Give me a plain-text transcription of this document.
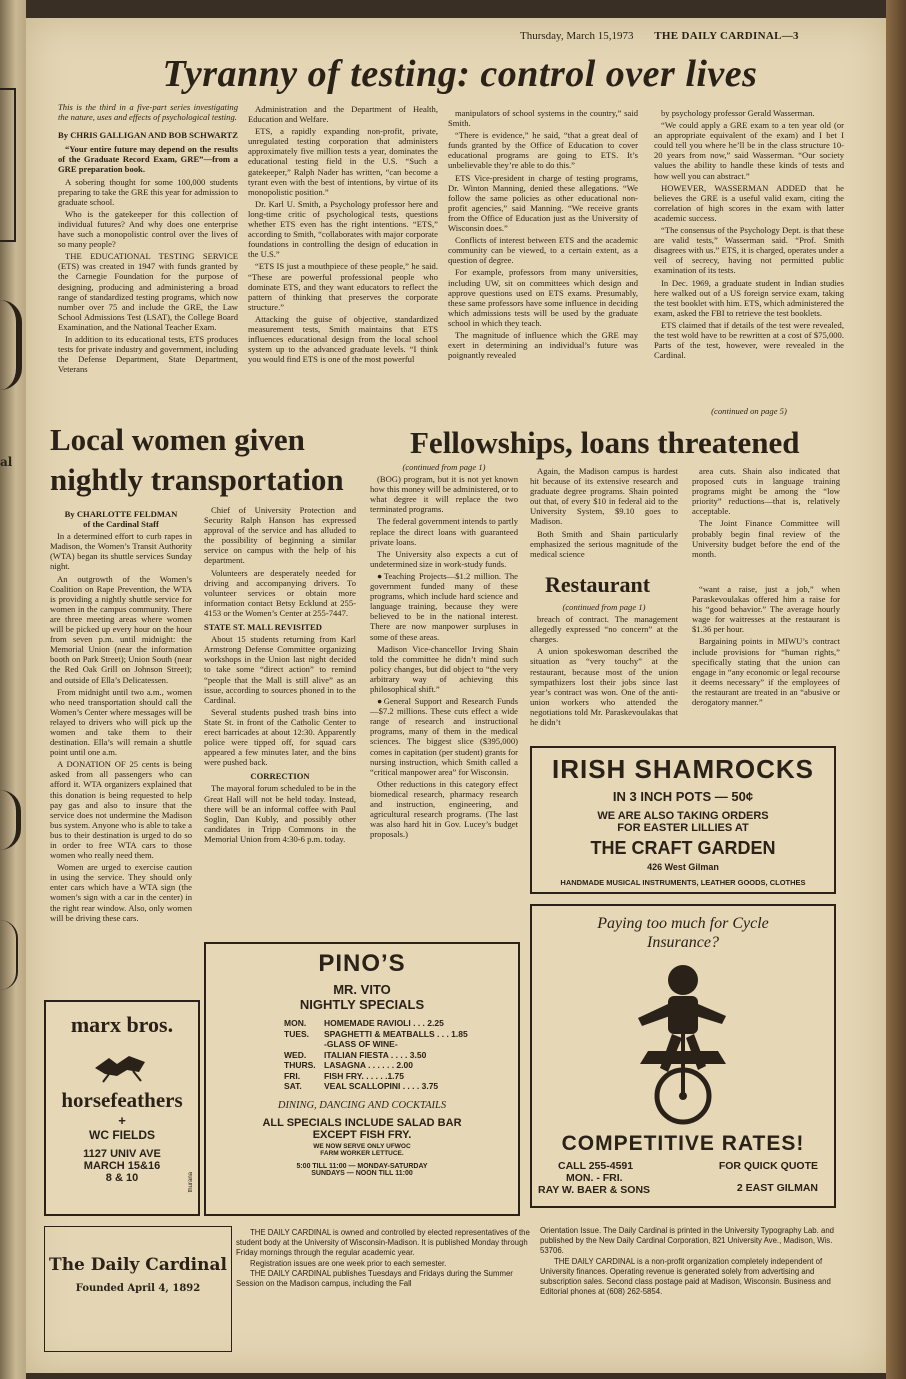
al
Thursday, March 15,1973 THE DAILY CARDINAL—3
Tyranny of testing: control over lives

This is the third in a five-part series investigating the nature, uses and effects of psychological testing.

By CHRIS GALLIGAN AND BOB SCHWARTZ

“Your entire future may depend on the results of the Graduate Record Exam, GRE”—from a GRE preparation book.

A sobering thought for some 100,000 students preparing to take the GRE this year for admission to graduate school.

Who is the gatekeeper for this collection of individual futures? And why does one enterprise have such a monopolistic control over the lives of so many people?

THE EDUCATIONAL TESTING SERVICE (ETS) was created in 1947 with funds granted by the Carnegie Foundation for the purpose of designing, producing and administering a broad range of standardized testing programs, which now number over 75 and include the GRE, the Law School Admissions Test (LSAT), the College Board Examination, and the National Teacher Exam.

In addition to its educational tests, ETS produces tests for private industry and government, including the Defense Department, State Department, Veterans

Administration and the Department of Health, Education and Welfare.

ETS, a rapidly expanding non-profit, private, unregulated testing corporation that administers approximately five million tests a year, dominates the educational testing field in the U.S. “Such a gatekeeper,” Ralph Nader has written, “can become a tyrant even with the best of intentions, by virtue of its monopolistic position.”

Dr. Karl U. Smith, a Psychology professor here and long-time critic of psychological tests, questions whether ETS even has the right intentions. “ETS,” according to Smith, “collaborates with major corporate foundations in controlling the design of education in the U.S.”

“ETS IS just a mouthpiece of these people,” he said. “These are powerful professional people who dominate ETS, and they want educators to reflect the pattern of thinking that preserves the corporate structure.”

Attacking the guise of objective, standardized measurement tests, Smith maintains that ETS influences educational design from the local school system up to the advanced graduate levels. “I think you would find ETS is one of the most powerful

manipulators of school systems in the country,” said Smith.

“There is evidence,” he said, “that a great deal of funds granted by the Office of Education to cover educational programs are going to ETS. It’s unbelievable they’re able to do this.”

ETS Vice-president in charge of testing programs, Dr. Winton Manning, denied these allegations. “We follow the same policies as other educational non-profit agencies,” said Manning. “We receive grants from the Office of Education just as the University of Wisconsin does.”

Conflicts of interest between ETS and the academic community can be viewed, to a certain extent, as a question of degree.

For example, professors from many universities, including UW, sit on committees which design and approve questions used on ETS exams. Presumably, these same professors have some influence in deciding which admissions tests will be used by the graduate school in which they teach.

The magnitude of influence which the GRE may exert in determining an individual’s future was poignantly revealed

by psychology professor Gerald Wasserman.

“We could apply a GRE exam to a ten year old (or an appropriate equivalent of the exam) and I bet I could tell you where he’ll be in the class structure 10-20 years from now,” said Wasserman. “Our society values the ability to handle these kinds of tests and how well you can abstract.”

HOWEVER, WASSERMAN ADDED that he believes the GRE is a useful valid exam, citing the correlation of high scores in the exam with latter academic success.

“The consensus of the Psychology Dept. is that these are valid tests,” Wasserman said. “Prof. Smith disagrees with us.” ETS, it is charged, operates under a veil of secrecy, having not permitted public examination of its tests.

In Dec. 1969, a graduate student in Indian studies here walked out of a US foreign service exam, taking the test booklet with him. ETS, which administered the exam, asked the FBI to retrieve the test booklets.

ETS claimed that if details of the test were revealed, the test wold have to be rewritten at a cost of $75,000. Parts of the test, however, were revealed in the Cardinal.

(continued on page 5)

Local women given
nightly transportation

By CHARLOTTE FELDMAN

of the Cardinal Staff

In a determined effort to curb rapes in Madison, the Women’s Transit Authority (WTA) began its shuttle services Sunday night.

An outgrowth of the Women’s Coalition on Rape Prevention, the WTA is providing a nightly shuttle service for women in the campus community. There are three meeting areas where women will be picked up every hour on the hour from seven p.m. until midnight: the Memorial Union (near the information booth on Park Street); Union South (near the Red Oak Grill on Johnson Street); and outside of Ella’s Delicatessen.

From midnight until two a.m., women who need transportation should call the Women’s Center where messages will be relayed to drivers who will pick up the women and take them to their destination. Ella’s will remain a shuttle point until one a.m.

A DONATION OF 25 cents is being asked from all passengers who can afford it. WTA organizers explained that this donation is being requested to help pay gas and also to insure that the service does not undermine the Madison bus system. Anyone who is able to take a bus to their destination is urged to do so in order to free WTA cars to those women who really need them.

Women are urged to exercise caution in using the service. They should only enter cars which have a WTA sign (the women’s sign with a car in the center) in the right rear window. Also, only women will be driving these cars.

Chief of University Protection and Security Ralph Hanson has expressed approval of the service and has alluded to the possibility of beginning a similar service on campus with the help of his department.

Volunteers are desperately needed for driving and accompanying drivers. To volunteer services or obtain more information contact Betsy Ecklund at 255-4153 or the Women’s Center at 255-7447.

STATE ST. MALL REVISITED

About 15 students returning from Karl Armstrong Defense Committee organizing workshops in the Union last night decided to take some “direct action” to remind “people that the Mall is still alive” as an issue, according to sources phoned in to the Cardinal.

Several students pushed trash bins into State St. in front of the Catholic Center to erect barricades at about 12:30. Apparently police were tipped off, for squad cars appeared a few minutes later, and the bins were pushed back.

CORRECTION

The mayoral forum scheduled to be in the Great Hall will not be held today. Instead, there will be an informal coffee with Paul Soglin, Dan Kubly, and possibly other candidates in Tripp Commons in the Memorial Union from 4:30-6 p.m. today.

Fellowships, loans threatened

(continued from page 1)

(BOG) program, but it is not yet known how this money will be administered, or to what degree it will replace the two terminated programs.

The federal government intends to partly replace the direct loans with guaranteed private loans.

The University also expects a cut of undetermined size in work-study funds.

●Teaching Projects—$1.2 million. The government funded many of these programs, which include hard science and language training, because they were believed to be in the national interest. There are now manpower surpluses in some of these areas.

Madison Vice-chancellor Irving Shain told the committee he didn’t mind such policy changes, but did object to “the very arbitrary way of achieving this philosophical shift.”

●General Support and Research Funds—$7.2 millions. These cuts effect a wide range of research and instructional programs, many of them in the medical sciences. The biggest slice ($395,000) comes in capitation (per student) grants for nursing instruction, which Smith called a “critical manpower area” for Wisconsin.

Other reductions in this category effect biomedical research, pharmacy research and instruction, engineering, and agricultural research programs. (The last was also hard hit in Gov. Lucey’s budget proposals.)

Again, the Madison campus is hardest hit because of its extensive research and graduate degree programs. Shain pointed out that, of every $10 in federal aid to the University System, $9.10 goes to Madison.

Both Smith and Shain particularly emphasized the serious magnitude of the medical science

area cuts. Shain also indicated that proposed cuts in language training programs might be among the “low priority” reductions—that is, relatively acceptable.

The Joint Finance Committee will probably begin final review of the University budget before the end of the month.

Restaurant

(continued from page 1)

breach of contract. The management allegedly expressed “no concern” at the charges.

A union spokeswoman described the situation as “very touchy” at the restaurant, because most of the union sympathizers lost their jobs since last year’s contract was won. One of the anti-union workers who attended the negotiations told Mr. Paraskevoulakas that he didn’t

“want a raise, just a job,” when Paraskevoulakas offered him a raise for his “good behavior.” The average hourly wage for waitresses at the restaurant is $1.36 per hour.

Bargaining points in MIWU’s contract include provisions for “human rights,” specifically stating that the union can engage in “any economic or legal recourse it deems necessary” if the employees of the restaurant are treated in an “abusive or derogatory manner.”

IRISH SHAMROCKS
IN 3 INCH POTS — 50¢
WE ARE ALSO TAKING ORDERS
FOR EASTER LILLIES AT
THE CRAFT GARDEN
426 West Gilman
HANDMADE MUSICAL INSTRUMENTS, LEATHER GOODS, CLOTHES
Paying too much for Cycle Insurance?
COMPETITIVE RATES!
CALL 255-4591
MON. - FRI.
RAY W. BAER & SONS
FOR QUICK QUOTE
2 EAST GILMAN
PINO’S
MR. VITO
NIGHTLY SPECIALS
MON. HOMEMADE RAVIOLI . . . 2.25
TUES. SPAGHETTI & MEATBALLS . . . 1.85
-GLASS OF WINE-
WED. ITALIAN FIESTA . . . . 3.50
THURS. LASAGNA . . . . . . 2.00
FRI.	FISH FRY. . . . . .1.75
SAT.	VEAL SCALLOPINI . . . . 3.75
DINING, DANCING AND COCKTAILS
ALL SPECIALS INCLUDE SALAD BAR
EXCEPT FISH FRY.
WE NOW SERVE ONLY UFWOC
FARM WORKER LETTUCE.
5:00 TILL 11:00 — MONDAY-SATURDAY
SUNDAYS — NOON TILL 11:00
marx bros.
horsefeathers
+
WC FIELDS
1127 UNIV AVE
MARCH 15&16
8 & 10	thurana
The Daily Cardinal
Founded April 4, 1892
THE DAILY CARDINAL is owned and controlled by elected representatives of the student body at the University of Wisconsin-Madison. It is published Monday through Friday mornings through the regular academic year.
Registration issues are one week prior to each semester.
THE DAILY CARDINAL publishes Tuesdays and Fridays during the Summer Session on the Madison campus, including the Fall
Orientation Issue. The Daily Cardinal is printed in the University Typography Lab. and published by the New Daily Cardinal Corporation, 821 University Ave., Madison, Wis. 53706.
THE DAILY CARDINAL is a non-profit organization completely independent of University finances. Operating revenue is generated solely from advertising and subscription sales. Second class postage paid at Madison, Wisconsin. Business and Editorial phones at (608) 262-5854.
